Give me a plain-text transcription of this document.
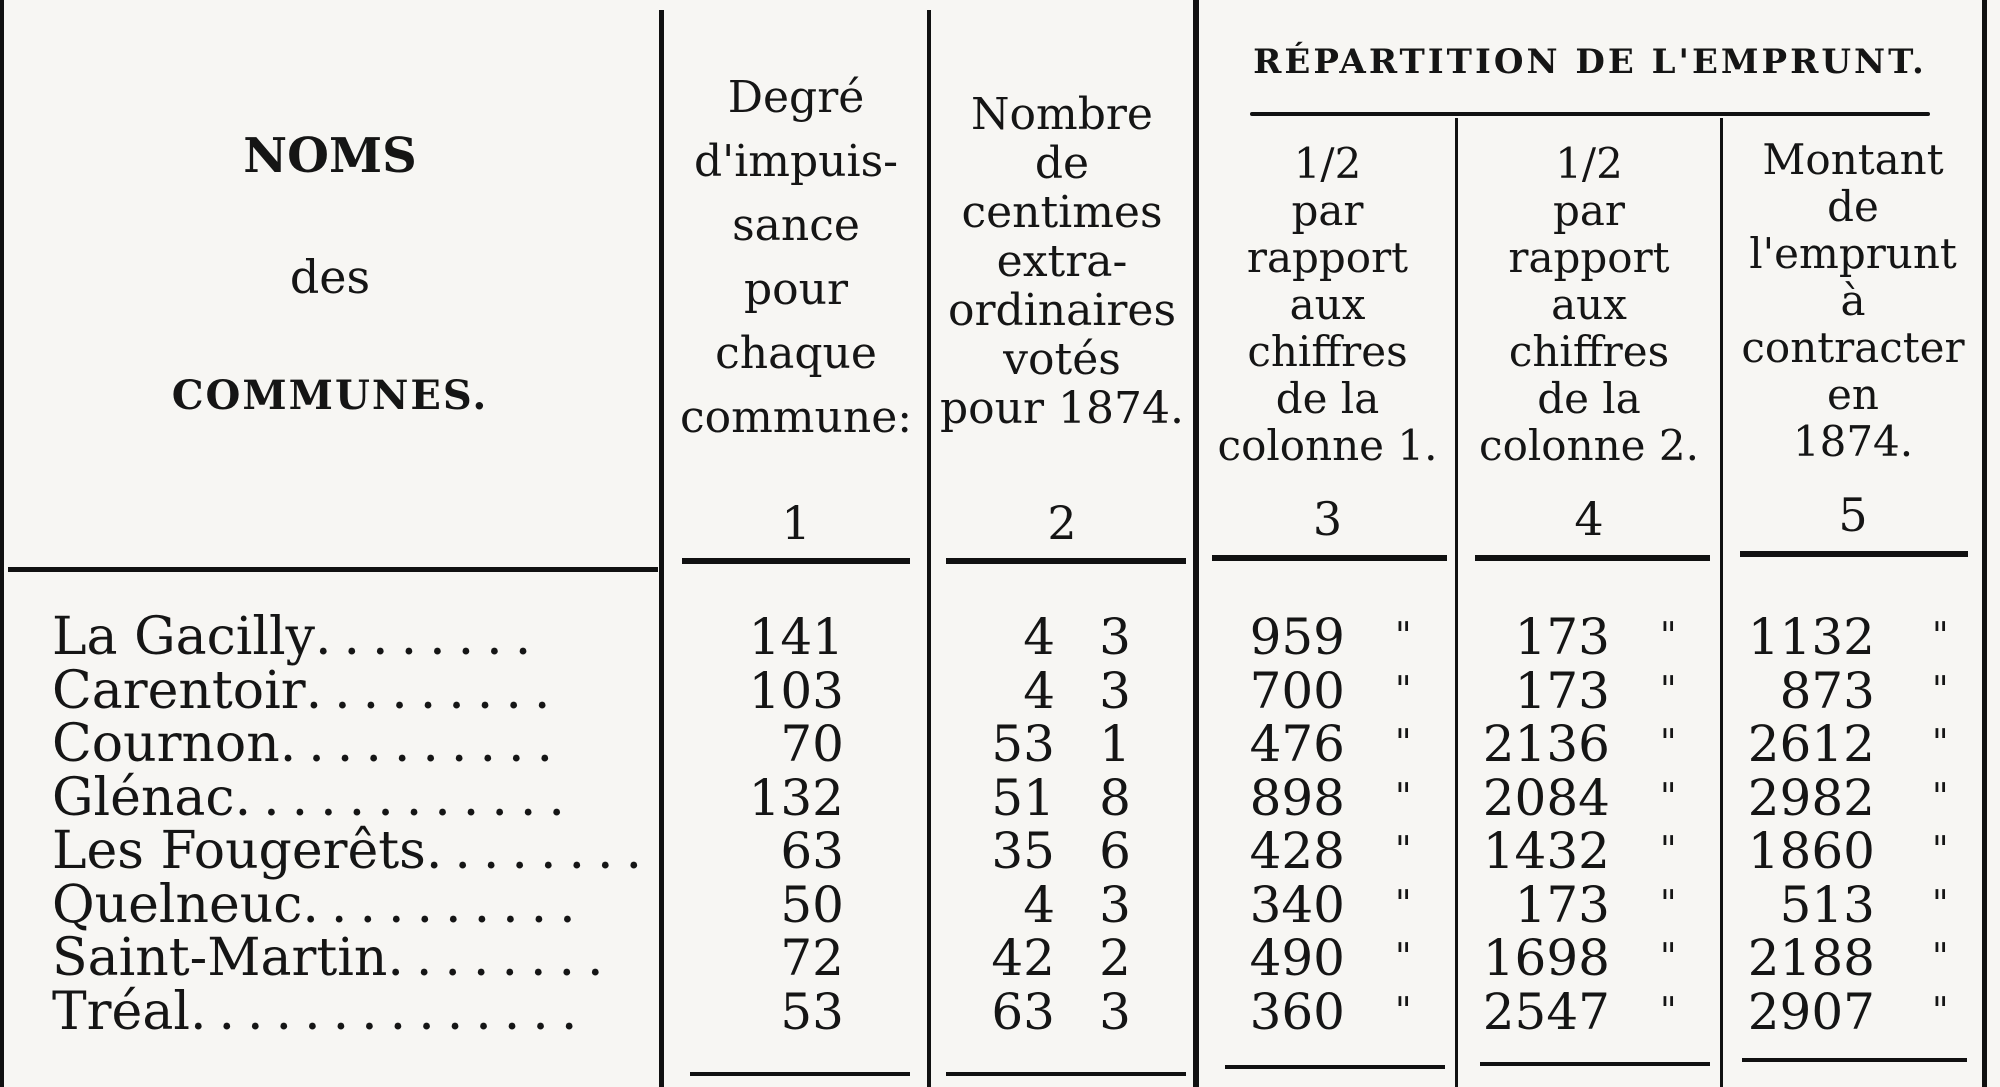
NOMS
des
COMMUNES.
RÉPARTITION DE L'EMPRUNT.
Degré
d'impuis-
sance
pour
chaque
commune:
Nombre
de
centimes
extra-
ordinaires
votés
pour 1874.
1/2
par
rapport
aux
chiffres
de la
colonne 1.
1/2
par
rapport
aux
chiffres
de la
colonne 2.
Montant
de
l'emprunt
à
contracter
en
1874.
1	2	3	4	5
La Gacilly........	141	4 3	959 "	173 "	1132 "
Carentoir.........	103	4 3	700 "	173 "	873 "
Cournon..........	70	53 1	476 "	2136 "	2612 "
Glénac............	132	51 8	898 "	2084 "	2982 "
Les Fougerêts........	63	35 6	428 "	1432 "	1860 "
Quelneuc..........	50	4 3	340 "	173 "	513 "
Saint-Martin........	72	42 2	490 "	1698 "	2188 "
Tréal..............	53	63 3	360 "	2547 "	2907 "
